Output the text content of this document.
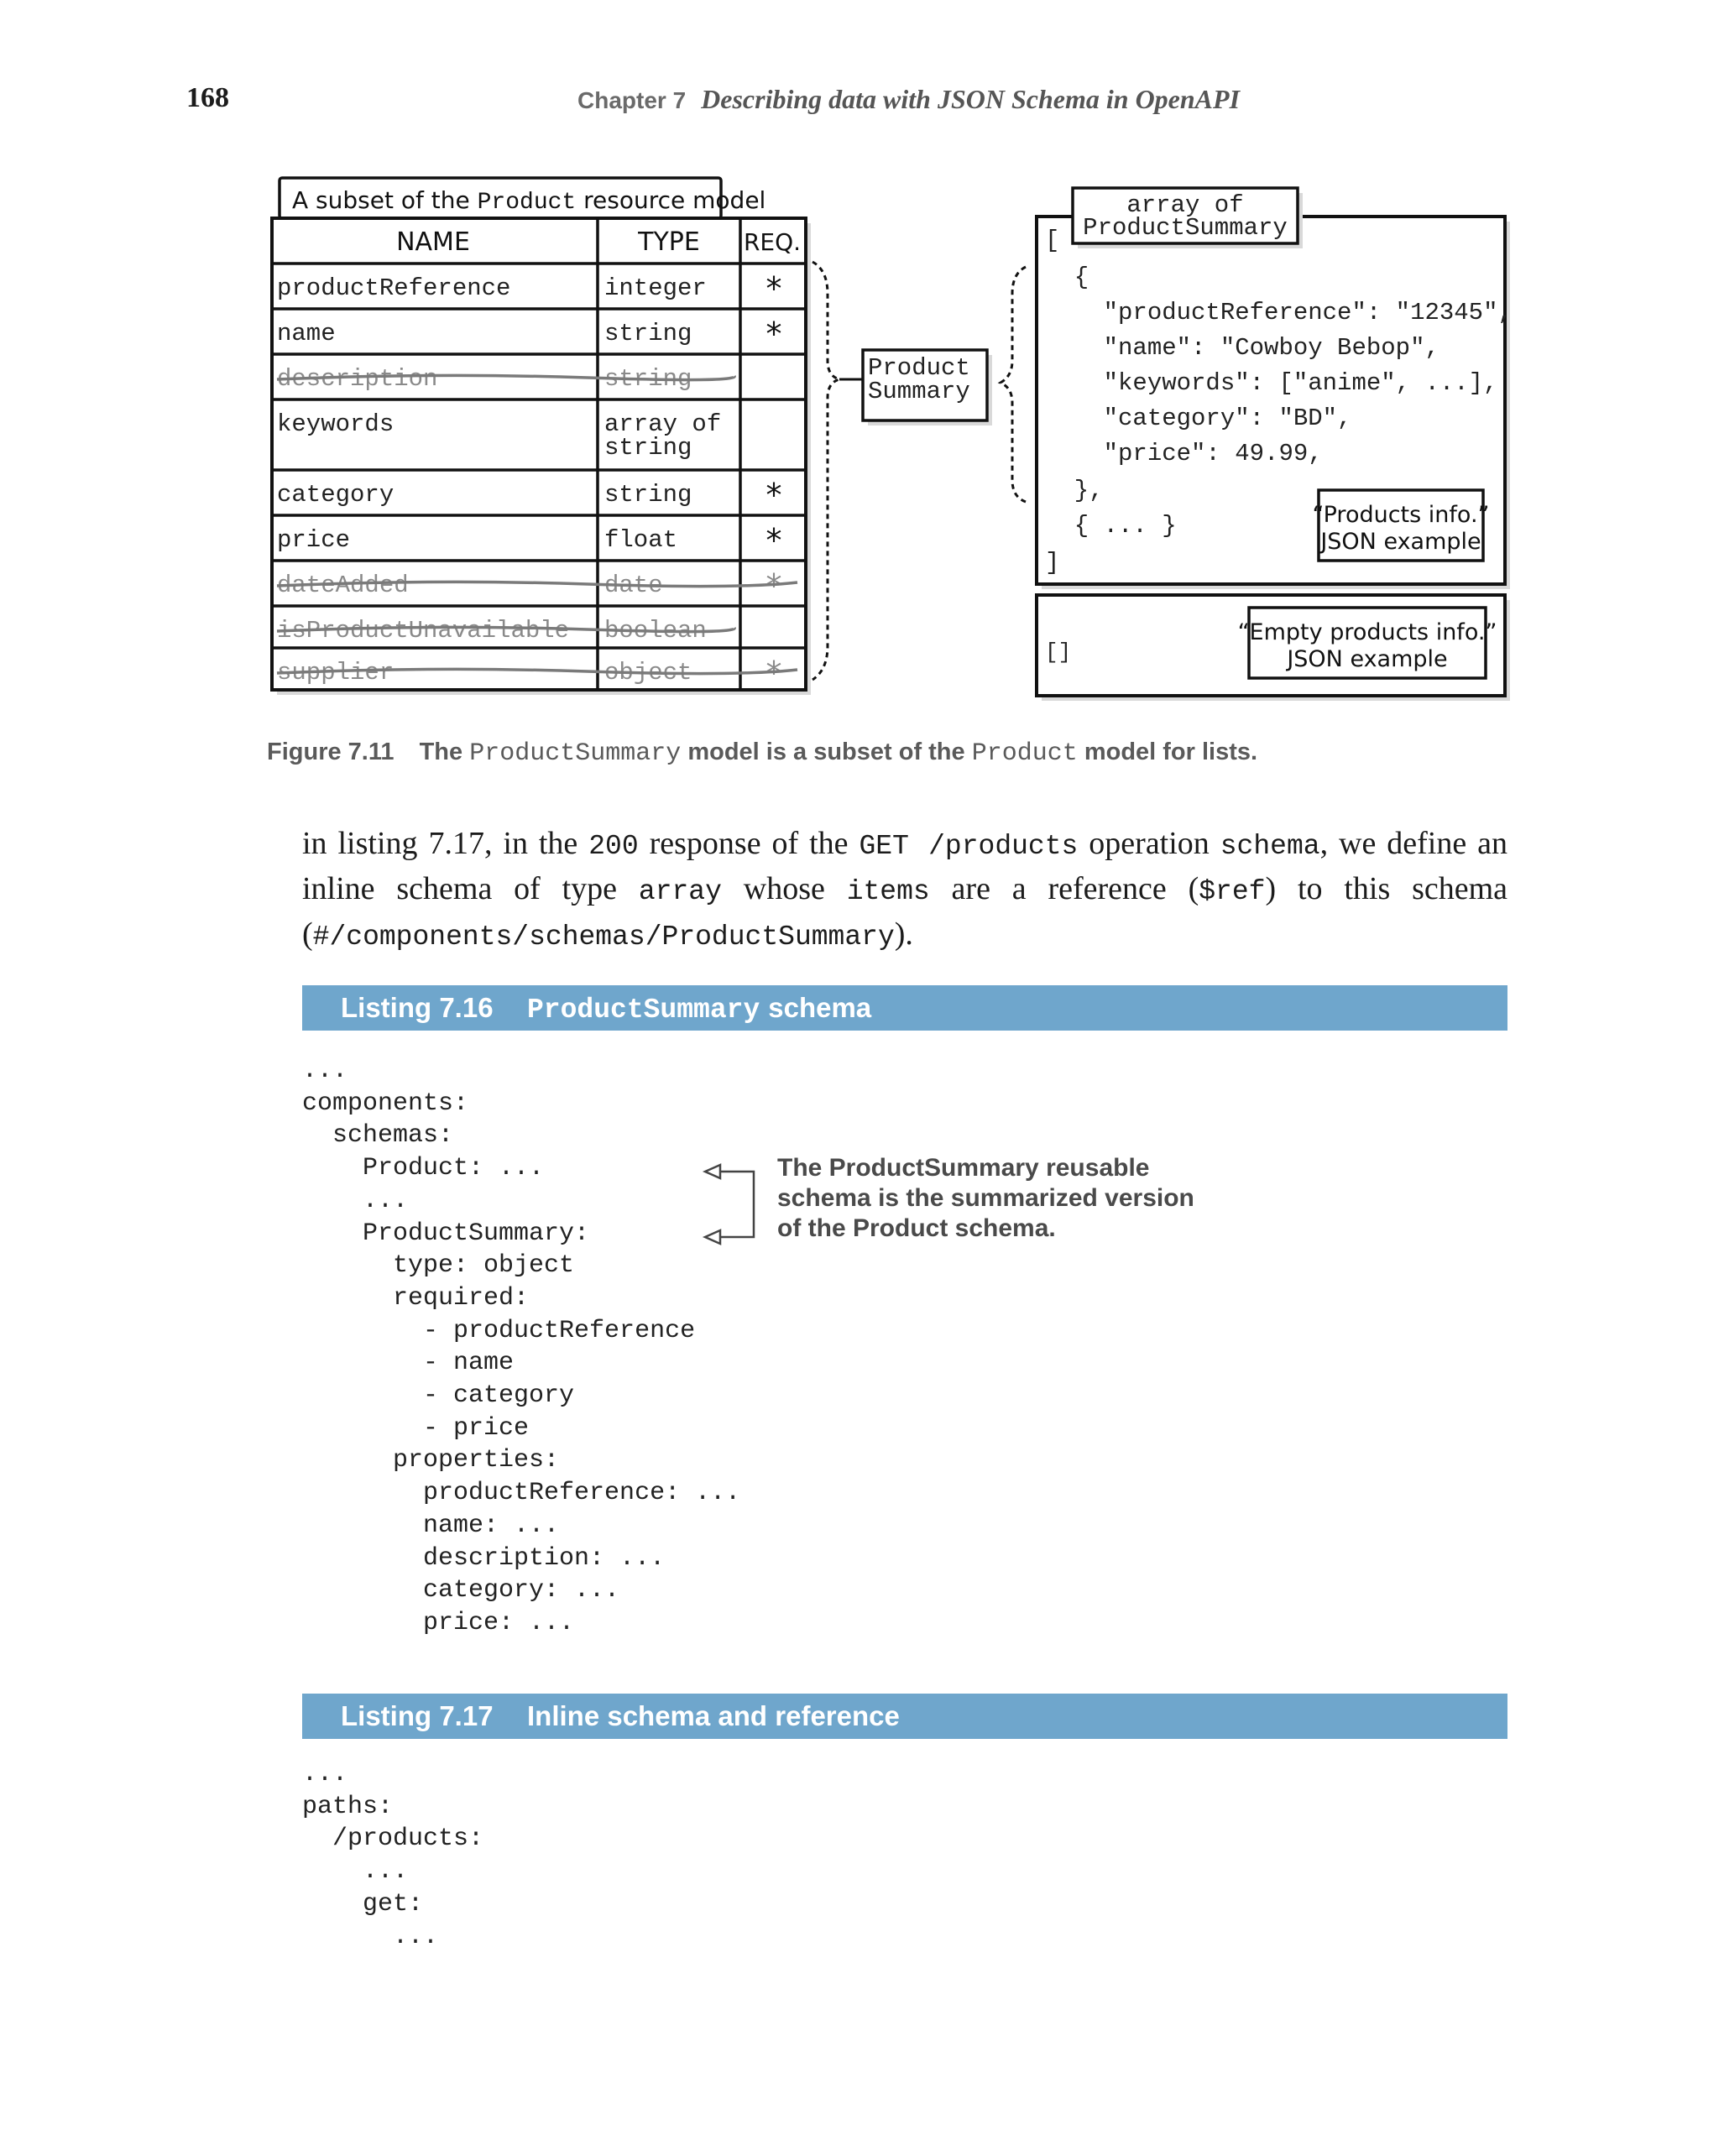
168	Chapter 7 Describing data with JSON Schema in OpenAPI
A subset of the Product resource model
NAME	TYPE REQ.
productReference	integer *
name	string *
description	string
keywords	array of
string
category	string *
price	float	*
dateAdded	date	*
isProductUnavailable boolean
supplier	object *
Product
Summary
array of
ProductSummary
[
{
"productReference": "12345",
"name": "Cowboy Bebop",
"keywords": ["anime", ...],
"category": "BD",
"price": 49.99,
},
{ ... }
]
“Products info.”
JSON example
[]
“Empty products info.”
JSON example
Figure 7.11 The ProductSummary model is a subset of the Product model for lists.
in listing 7.17, in the 200 response of the GET /products operation schema, we define an inline schema of type array whose items are a reference ($ref) to this schema (#/components/schemas/ProductSummary).
Listing 7.16 ProductSummary schema
...
components:
schemas:
Product: ...
...
ProductSummary:
type: object
required:
- productReference
- name
- category
- price
properties:
productReference: ...
name: ...
description: ...
category: ...
price: ...
The ProductSummary reusable schema is the summarized version of the Product schema.
Listing 7.17 Inline schema and reference
...
paths:
/products:
...
get:
...
